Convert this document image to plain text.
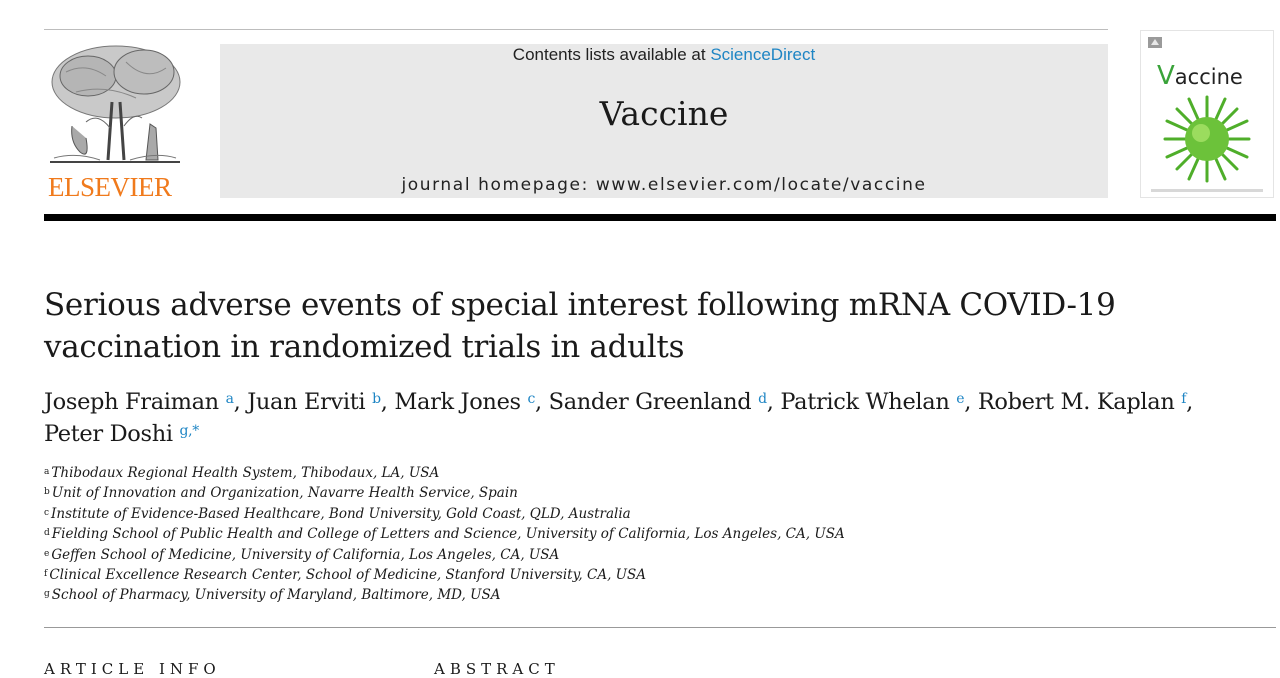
ELSEVIER
Contents lists available at ScienceDirect
Vaccine
journal homepage: www.elsevier.com/locate/vaccine
Vaccine
Serious adverse events of special interest following mRNA COVID-19
vaccination in randomized trials in adults
Joseph Fraiman $^a$, Juan Erviti $^b$, Mark Jones $^c$, Sander Greenland $^d$, Patrick Whelan $^e$, Robert M. Kaplan $^f$,
Peter Doshi $^{g,*}$
$^a$ Thibodaux Regional Health System, Thibodaux, LA, USA
$^b$ Unit of Innovation and Organization, Navarre Health Service, Spain
$^c$ Institute of Evidence-Based Healthcare, Bond University, Gold Coast, QLD, Australia
$^d$ Fielding School of Public Health and College of Letters and Science, University of California, Los Angeles, CA, USA
$^e$ Geffen School of Medicine, University of California, Los Angeles, CA, USA
$^f$ Clinical Excellence Research Center, School of Medicine, Stanford University, CA, USA
$^g$ School of Pharmacy, University of Maryland, Baltimore, MD, USA
ARTICLE INFO	ABSTRACT
